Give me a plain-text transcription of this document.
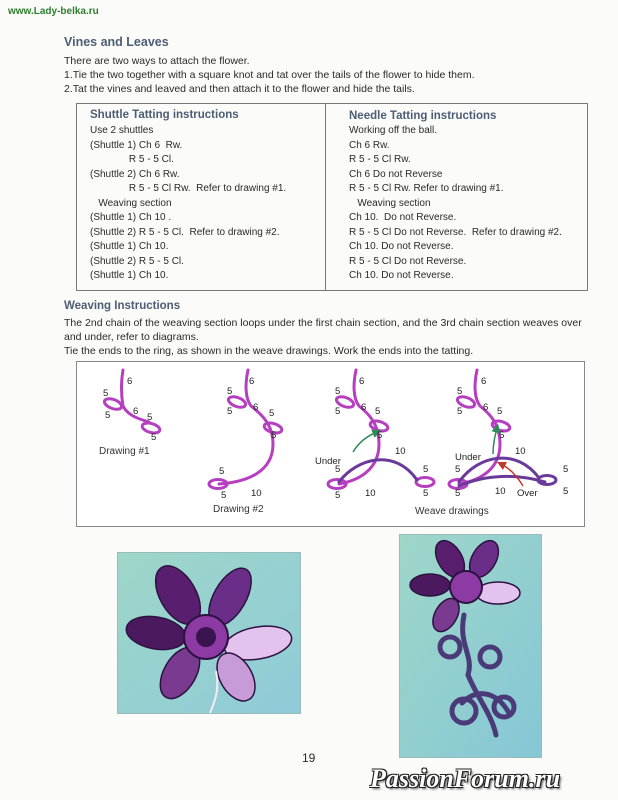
www.Lady-belka.ru
Vines and Leaves
There are two ways to attach the flower.
1.Tie the two together with a square knot and tat over the tails of the flower to hide them.
2.Tat the vines and leaved and then attach it to the flower and hide the tails.
Shuttle Tatting instructions
Use 2 shuttles
(Shuttle 1) Ch 6  Rw.
R 5 - 5 Cl.
(Shuttle 2) Ch 6 Rw.
R 5 - 5 Cl Rw.  Refer to drawing #1.
Weaving section
(Shuttle 1) Ch 10 .
(Shuttle 2) R 5 - 5 Cl.  Refer to drawing #2.
(Shuttle 1) Ch 10.
(Shuttle 2) R 5 - 5 Cl.
(Shuttle 1) Ch 10.
Needle Tatting instructions
Working off the ball.
Ch 6 Rw.
R 5 - 5 Cl Rw.
Ch 6 Do not Reverse
R 5 - 5 Cl Rw. Refer to drawing #1.
Weaving section
Ch 10.  Do not Reverse.
R 5 - 5 Cl Do not Reverse.  Refer to drawing #2.
Ch 10. Do not Reverse.
R 5 - 5 Cl Do not Reverse.
Ch 10. Do not Reverse.
Weaving Instructions
The 2nd chain of the weaving section loops under the first chain section, and the 3rd chain section weaves over and under, refer to diagrams.
Tie the ends to the ring, as shown in the weave drawings. Work the ends into the tatting.
6
5
5 6
5
5
6
5
5 6
5
5
5
5	10
6
5
5 6 5
5
10
5
5	10
5
5
Under
6
5
5 6 5
5
10
5
5	10
5
5
Under
Over
Drawing #1
Drawing #2	Weave drawings
19
PassionForum.ru
